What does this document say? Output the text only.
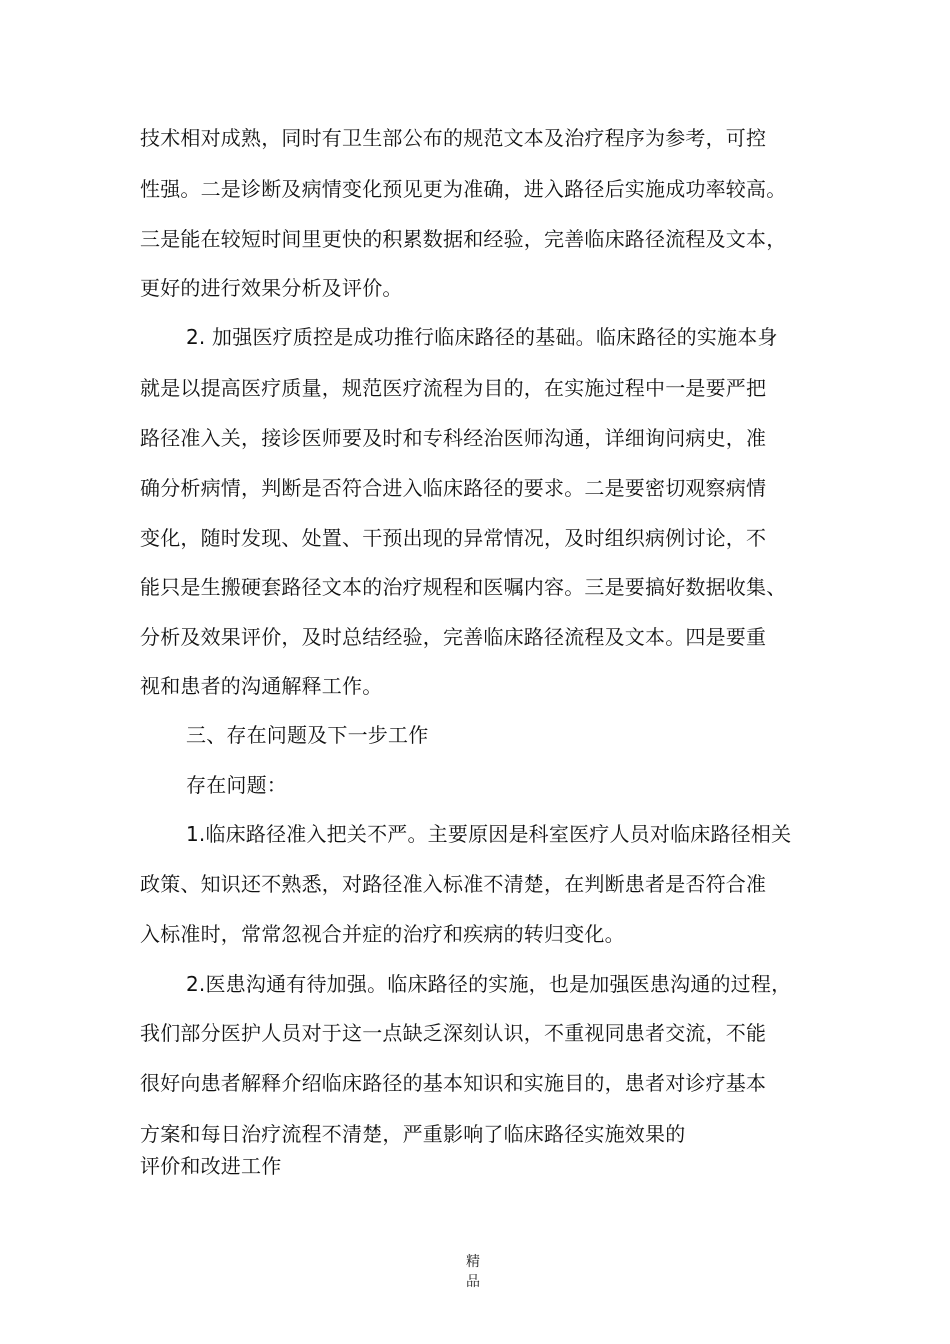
技术相对成熟，同时有卫生部公布的规范文本及治疗程序为参考，可控
性强。二是诊断及病情变化预见更为准确，进入路径后实施成功率较高。
三是能在较短时间里更快的积累数据和经验，完善临床路径流程及文本，
更好的进行效果分析及评价。
2. 加强医疗质控是成功推行临床路径的基础。临床路径的实施本身
就是以提高医疗质量，规范医疗流程为目的，在实施过程中一是要严把
路径准入关，接诊医师要及时和专科经治医师沟通，详细询问病史，准
确分析病情，判断是否符合进入临床路径的要求。二是要密切观察病情
变化，随时发现、处置、干预出现的异常情况，及时组织病例讨论，不
能只是生搬硬套路径文本的治疗规程和医嘱内容。三是要搞好数据收集、
分析及效果评价，及时总结经验，完善临床路径流程及文本。四是要重
视和患者的沟通解释工作。
三、存在问题及下一步工作
存在问题：
1.临床路径准入把关不严。主要原因是科室医疗人员对临床路径相关
政策、知识还不熟悉，对路径准入标准不清楚，在判断患者是否符合准
入标准时，常常忽视合并症的治疗和疾病的转归变化。
2.医患沟通有待加强。临床路径的实施，也是加强医患沟通的过程，
我们部分医护人员对于这一点缺乏深刻认识，不重视同患者交流，不能
很好向患者解释介绍临床路径的基本知识和实施目的，患者对诊疗基本
方案和每日治疗流程不清楚，严重影响了临床路径实施效果的
评价和改进工作
精
品
